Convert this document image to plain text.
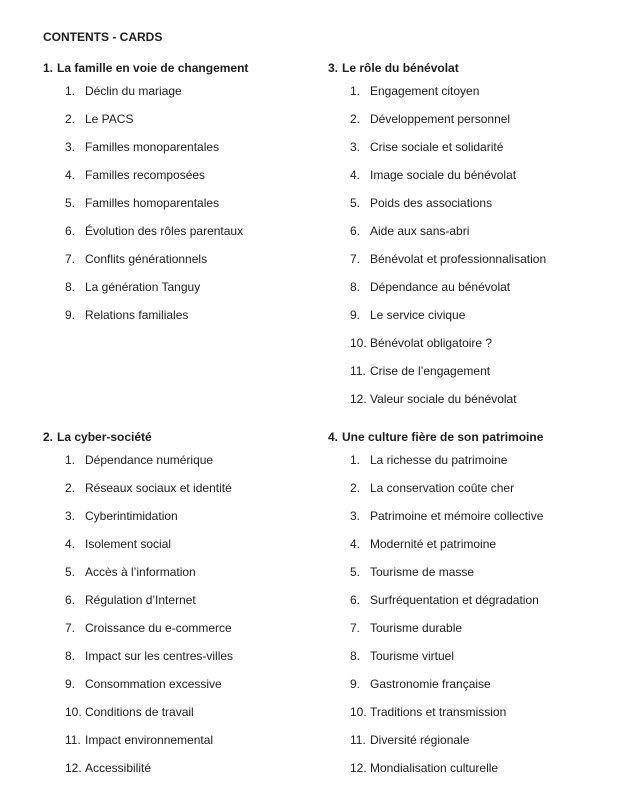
CONTENTS - CARDS
1. La famille en voie de changement
1. Déclin du mariage
2. Le PACS
3. Familles monoparentales
4. Familles recomposées
5. Familles homoparentales
6. Évolution des rôles parentaux
7. Conflits générationnels
8. La génération Tanguy
9. Relations familiales
3. Le rôle du bénévolat
1. Engagement citoyen
2. Développement personnel
3. Crise sociale et solidarité
4. Image sociale du bénévolat
5. Poids des associations
6. Aide aux sans-abri
7. Bénévolat et professionnalisation
8. Dépendance au bénévolat
9. Le service civique
10. Bénévolat obligatoire ?
11. Crise de l’engagement
12. Valeur sociale du bénévolat
2. La cyber-société
1. Dépendance numérique
2. Réseaux sociaux et identité
3. Cyberintimidation
4. Isolement social
5. Accès à l’information
6. Régulation d’Internet
7. Croissance du e-commerce
8. Impact sur les centres-villes
9. Consommation excessive
10. Conditions de travail
11. Impact environnemental
12. Accessibilité
4. Une culture fière de son patrimoine
1. La richesse du patrimoine
2. La conservation coûte cher
3. Patrimoine et mémoire collective
4. Modernité et patrimoine
5. Tourisme de masse
6. Surfréquentation et dégradation
7. Tourisme durable
8. Tourisme virtuel
9. Gastronomie française
10. Traditions et transmission
11. Diversité régionale
12. Mondialisation culturelle
